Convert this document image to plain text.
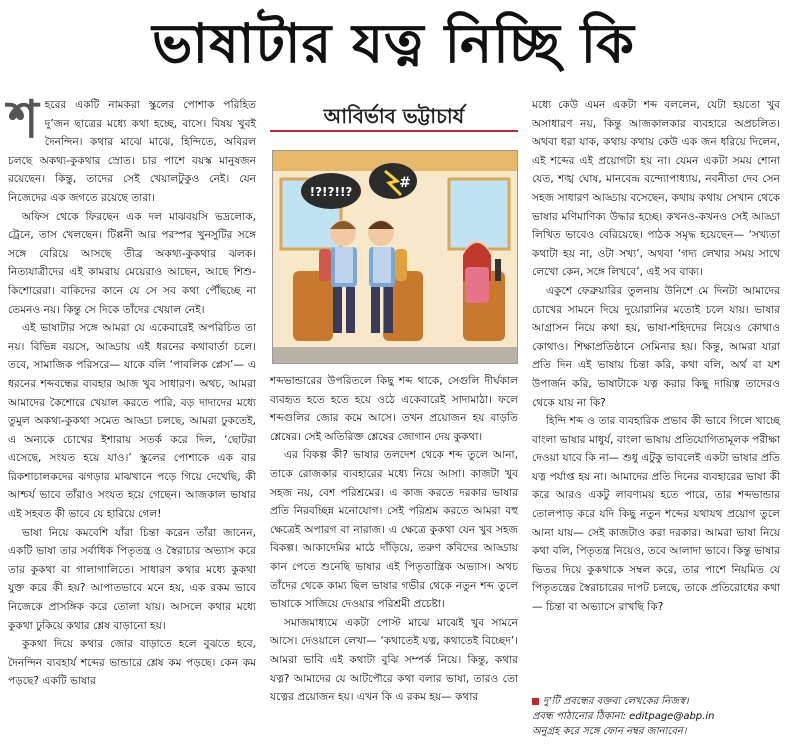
ভাষাটার যত্ন নিচ্ছি কি

শহরের একটি নামকরা স্কুলের পোশাক পরিহিত দু’জন ছাত্রের মধ্যে কথা হচ্ছে, বাসে। বিষয় খুবই দৈনন্দিন। কথার মাঝে মাঝে, হিন্দিতে, অবিরল চলছে অকথ্য-কুকথার স্রোত। চার পাশে বয়স্ক মানুষজন রয়েছেন। কিন্তু, তাদের সেই খেয়ালটুকুও নেই। যেন নিজেদের এক জগতে রয়েছে তারা।

অফিস থেকে ফিরছেন এক দল মাঝবয়সি ভদ্রলোক, ট্রেনে, তাস খেলছেন। টিপ্পনী আর পরস্পর খুনসুটির সঙ্গে সঙ্গে বেরিয়ে আসছে তীব্র অকথ্য-কুকথার ঝলক। নিত্যযাত্রীদের এই কামরায় মেয়েরাও আছেন, আছে শিশু-কিশোরেরা। বাকিদের কানে যে সে সব কথা পৌঁছচ্ছে না তেমনও নয়। কিন্তু সে দিকে তাঁদের খেয়াল নেই।

এই ভাষাটার সঙ্গে আমরা যে একেবারেই অপরিচিত তা নয়। বিভিন্ন বয়সে, আড্ডায় এই ধরনের কথাবার্তা চলে। তবে, সামাজিক পরিসরে— যাকে বলি ‘পাবলিক প্লেস’— এ ধরনের শব্দবন্ধের ব্যবহার আজ খুব সাধারণ। অথচ, আমরা আমাদের কৈশোরে খেয়াল করতে পারি, বড় দাদাদের মধ্যে তুমুল অকথ্য-কুকথা সমেত আড্ডা চলছে, আমরা ঢুকতেই, এ অন্যকে চোখের ইশারায় সতর্ক করে দিল, ‘ছোটরা এসেছে, সংযত হয়ে যাও।’ স্কুলের পোশাকে এক বার রিকশাচালকদের ঝগড়ার মাঝখানে পড়ে গিয়ে দেখেছি, কী আশ্চর্য ভাবে তাঁরাও সংযত হয়ে গেছেন। আজকাল ভাষার এই সহবত কী ভাবে যে হারিয়ে গেল!

ভাষা নিয়ে কমবেশি যাঁরা চিন্তা করেন তাঁরা জানেন, একটি ভাষা তার সর্বাধিক পিতৃতন্ত্র ও স্বৈরাচার অভ্যাস করে তার কুকথা বা গালাগালিতে। সাধারণ কথার মধ্যে কুকথা যুক্ত করে কী হয়? আপাতভাবে মনে হয়, এক রকম ভাবে নিজেকে প্রাসঙ্গিক করে তোলা যায়। আসলে কথার মধ্যে কুকথা ঢুকিয়ে কথার শ্লেষ বাড়ানো হয়।

কুকথা দিয়ে কথার জোর বাড়াতে হলে বুঝতে হবে, দৈনন্দিন ব্যবহার্য শব্দের ভান্ডারে শ্লেষ কম পড়ছে। কেন কম পড়ছে? একটি ভাষার

আবির্ভাব ভট্টাচার্য
!?!?!!?
#

শব্দভান্ডারের উপরিতলে কিছু শব্দ থাকে, সেগুলি দীর্ঘকাল ব্যবহৃত হতে হতে হয়ে ওঠে একেবারেই সাদামাঠা। ফলে শব্দগুলির জোর কমে আসে। তখন প্রয়োজন হয় বাড়তি শ্লেষের। সেই অতিরিক্ত শ্লেষের জোগান দেয় কুকথা।

এর বিকল্প কী? ভাষার তলদেশ থেকে শব্দ তুলে আনা, তাকে রোজকার ব্যবহারের মধ্যে নিয়ে আসা। কাজটা খুব সহজ নয়, বেশ পরিশ্রমের। এ কাজ করতে দরকার ভাষার প্রতি নিরবচ্ছিন্ন মনোযোগ। সেই পরিশ্রম করতে আমরা বহু ক্ষেত্রেই অপারগ বা নারাজ। এ ক্ষেত্রে কুকথা যেন খুব সহজ বিকল্প। আকাদেমির মাঠে দাঁড়িয়ে, তরুণ কবিদের আড্ডায় কান পেতে শুনেছি ভাষার এই পিতৃতান্ত্রিক অভ্যাস। অথচ তাঁদের থেকে কাম্য ছিল ভাষার গভীর থেকে নতুন শব্দ তুলে ভাষাকে সাজিয়ে দেওয়ার পরিশ্রমী প্রচেষ্টা।

সমাজমাধ্যমে একটা পোস্ট মাঝে মাঝেই খুব সামনে আসে। দেওয়ালে লেখা— ‘কথাতেই যত্ন, কথাতেই বিচ্ছেদ’। আমরা ভাবি এই কথাটা বুঝি সম্পর্ক নিয়ে। কিন্তু, কথার যত্ন? আমাদের যে আটপৌরে কথা বলার ভাষা, তারও তো যত্নের প্রয়োজন হয়। এখন কি এ রকম হয়— কথার

মধ্যে কেউ এমন একটা শব্দ বললেন, যেটা হয়তো খুব অসাধারণ নয়, কিন্তু আজকালকার ব্যবহারে অপ্রচলিত। অথবা ধরা যাক, কথায় কথায় কেউ এক জন ধরিয়ে দিলেন, এই শব্দের এই প্রয়োগটা হয় না। যেমন একটা সময় শোনা যেত, শঙ্খ ঘোষ, মানবেন্দ্র বন্দ্যোপাধ্যায়, নবনীতা দেব সেন সহজ সাধারণ আড্ডায় বসেছেন, কথায় কথায় সেখান থেকে ভাষার মণিমাণিক্য উদ্ধার হচ্ছে। কখনও-কখনও সেই আড্ডা লিখিত ভাবেও বেরিয়েছে। পাঠক সমৃদ্ধ হয়েছেন— ‘সখ্যতা কথাটা হয় না, ওটা সখ্য’, অথবা ‘গদ্য লেখার সময় সাথে লেখো কেন, সঙ্গে লিখবে’, এই সব বাক্য।

একুশে ফেব্রুয়ারির তুলনায় উনিশে মে দিনটা আমাদের চোখের সামনে দিয়ে দুয়োরানির মতোই চলে যায়। ভাষার আগ্রাসন নিয়ে কথা হয়, ভাষা-শহিদদের নিয়েও কোথাও কোথাও। শিক্ষাপ্রতিষ্ঠানে সেমিনার হয়। কিন্তু, আমরা যারা প্রতি দিন এই ভাষায় চিন্তা করি, কথা বলি, অর্থ বা যশ উপার্জন করি, ভাষাটাকে যত্ন করার কিছু দায়িত্ব তাদেরও থেকে যায় না কি?

হিন্দি শব্দ ও তার ব্যবহারিক প্রভাব কী ভাবে গিলে খাচ্ছে বাংলা ভাষার মাধুর্য, বাংলা ভাষায় প্রতিযোগিতামূলক পরীক্ষা দেওয়া যাবে কি না— শুধু এটুকু ভাবলেই একটা ভাষার প্রতি যত্ন পর্যাপ্ত হয় না। আমাদের প্রতি দিনের ব্যবহারের ভাষা কী করে আরও একটু লাবণ্যময় হতে পারে, তার শব্দভান্ডার তোলপাড় করে যদি কিছু নতুন শব্দের যথাযথ প্রয়োগ তুলে আনা যায়— সেই কাজটাও করা দরকার। আমরা ভাষা নিয়ে কথা বলি, পিতৃতন্ত্র নিয়েও, তবে আলাদা ভাবে। কিন্তু ভাষার ভিতর দিয়ে কুকথাকে সম্বল করে, তার পাশে নিয়মিত যে পিতৃতন্ত্রের স্বৈরাচারের দাপট চলছে, তাকে প্রতিরোধের কথা— চিন্তা বা অভ্যাসে রাখছি কি?

দু’টি প্রবন্ধের বক্তব্য লেখকের নিজস্ব।
প্রবন্ধ পাঠানোর ঠিকানা: editpage@abp.in
অনুগ্রহ করে সঙ্গে ফোন নম্বর জানাবেন।
